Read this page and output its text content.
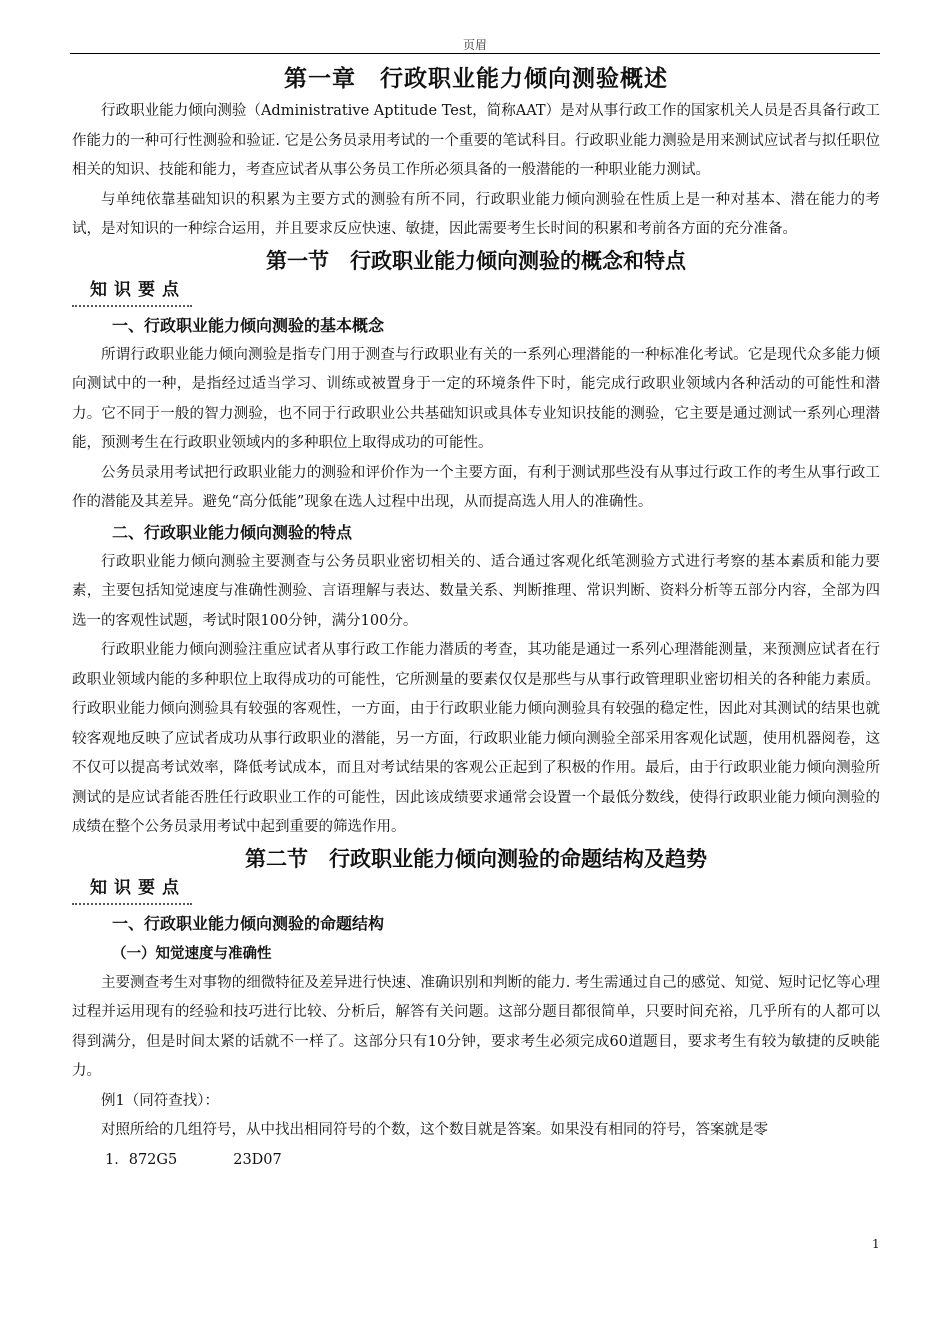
页眉
第一章　行政职业能力倾向测验概述

行政职业能力倾向测验（Administrative Aptitude Test，简称AAT）是对从事行政工作的国家机关人员是否具备行政工作能力的一种可行性测验和验证. 它是公务员录用考试的一个重要的笔试科目。行政职业能力测验是用来测试应试者与拟任职位相关的知识、技能和能力，考查应试者从事公务员工作所必须具备的一般潜能的一种职业能力测试。

与单纯依靠基础知识的积累为主要方式的测验有所不同，行政职业能力倾向测验在性质上是一种对基本、潜在能力的考试，是对知识的一种综合运用，并且要求反应快速、敏捷，因此需要考生长时间的积累和考前各方面的充分准备。

第一节　行政职业能力倾向测验的概念和特点
知识要点
一、行政职业能力倾向测验的基本概念

所谓行政职业能力倾向测验是指专门用于测查与行政职业有关的一系列心理潜能的一种标准化考试。它是现代众多能力倾向测试中的一种，是指经过适当学习、训练或被置身于一定的环境条件下时，能完成行政职业领域内各种活动的可能性和潜力。它不同于一般的智力测验，也不同于行政职业公共基础知识或具体专业知识技能的测验，它主要是通过测试一系列心理潜能，预测考生在行政职业领域内的多种职位上取得成功的可能性。

公务员录用考试把行政职业能力的测验和评价作为一个主要方面，有利于测试那些没有从事过行政工作的考生从事行政工作的潜能及其差异。避免“高分低能”现象在选人过程中出现，从而提高选人用人的准确性。

二、行政职业能力倾向测验的特点

行政职业能力倾向测验主要测查与公务员职业密切相关的、适合通过客观化纸笔测验方式进行考察的基本素质和能力要素，主要包括知觉速度与准确性测验、言语理解与表达、数量关系、判断推理、常识判断、资料分析等五部分内容，全部为四选一的客观性试题，考试时限100分钟，满分100分。

行政职业能力倾向测验注重应试者从事行政工作能力潜质的考查，其功能是通过一系列心理潜能测量，来预测应试者在行政职业领域内能的多种职位上取得成功的可能性，它所测量的要素仅仅是那些与从事行政管理职业密切相关的各种能力素质。行政职业能力倾向测验具有较强的客观性，一方面，由于行政职业能力倾向测验具有较强的稳定性，因此对其测试的结果也就较客观地反映了应试者成功从事行政职业的潜能，另一方面，行政职业能力倾向测验全部采用客观化试题，使用机器阅卷，这不仅可以提高考试效率，降低考试成本，而且对考试结果的客观公正起到了积极的作用。最后，由于行政职业能力倾向测验所测试的是应试者能否胜任行政职业工作的可能性，因此该成绩要求通常会设置一个最低分数线，使得行政职业能力倾向测验的成绩在整个公务员录用考试中起到重要的筛选作用。

第二节　行政职业能力倾向测验的命题结构及趋势
知识要点
一、行政职业能力倾向测验的命题结构
（一）知觉速度与准确性

主要测查考生对事物的细微特征及差异进行快速、准确识别和判断的能力. 考生需通过自己的感觉、知觉、短时记忆等心理过程并运用现有的经验和技巧进行比较、分析后，解答有关问题。这部分题目都很简单，只要时间充裕，几乎所有的人都可以得到满分，但是时间太紧的话就不一样了。这部分只有10分钟，要求考生必须完成60道题目，要求考生有较为敏捷的反映能力。

例1（同符查找）：

对照所给的几组符号，从中找出相同符号的个数，这个数目就是答案。如果没有相同的符号，答案就是零

1．872G5	23D07
1
